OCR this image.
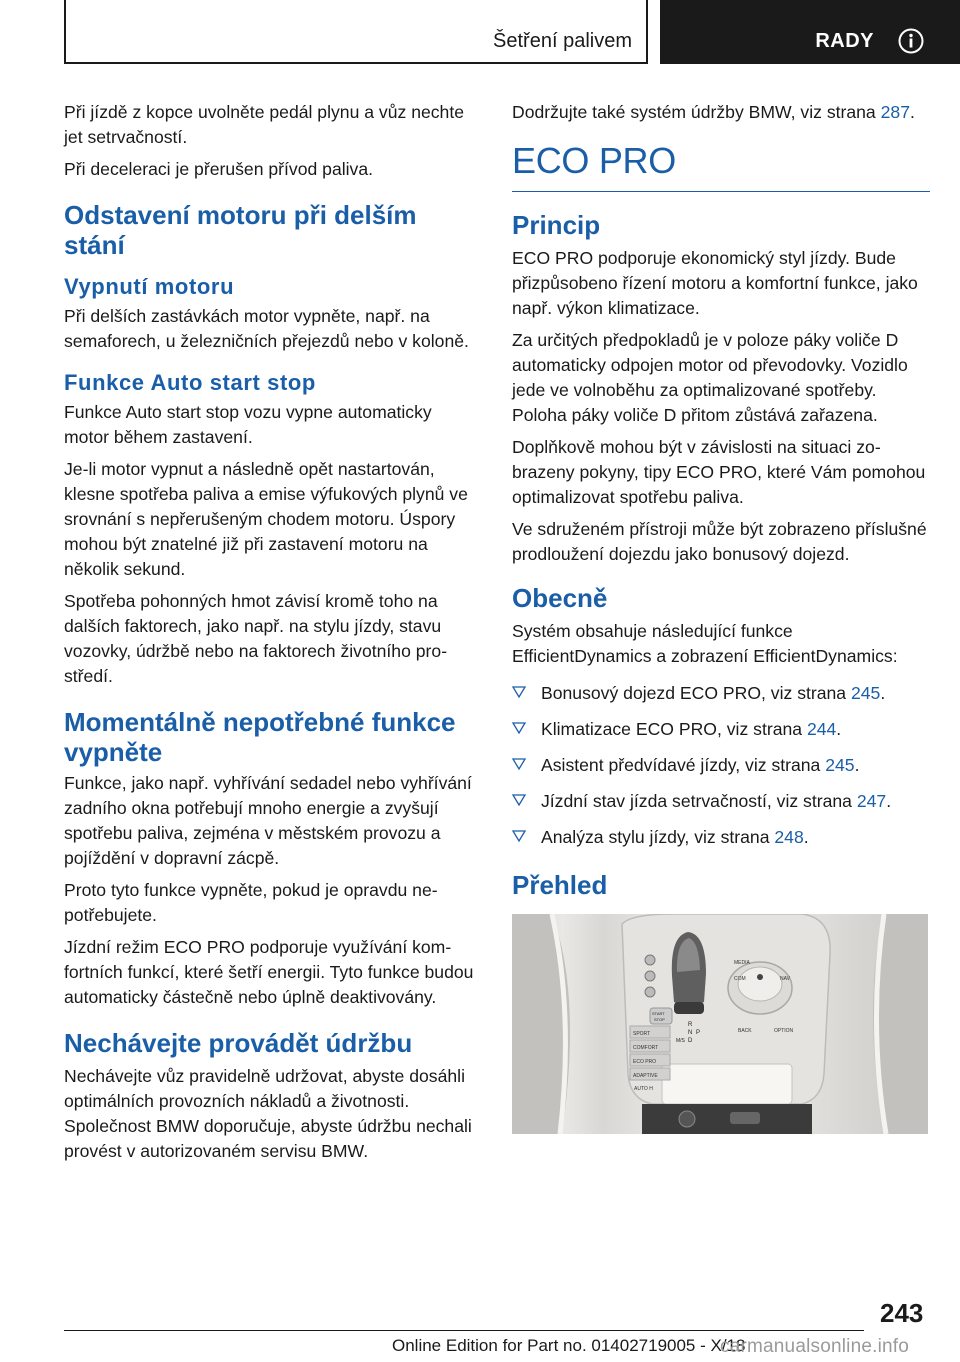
Šetření palivem	RADY

Při jízdě z kopce uvolněte pedál plynu a vůz nechte jet setrvačností.

Při deceleraci je přerušen přívod paliva.

Odstavení motoru při delším stání
Vypnutí motoru

Při delších zastávkách motor vypněte, např. na semaforech, u železničních přejezdů nebo v koloně.

Funkce Auto start stop

Funkce Auto start stop vozu vypne automaticky motor během zastavení.

Je-li motor vypnut a následně opět nastartován, klesne spotřeba paliva a emise výfukových plynů ve srovnání s nepřerušeným chodem motoru. Úspory mohou být znatelné již při zastavení motoru na několik sekund.

Spotřeba pohonných hmot závisí kromě toho na dalších faktorech, jako např. na stylu jízdy, stavu vozovky, údržbě nebo na faktorech životního prostředí.

Momentálně nepotřebné funkce vypněte

Funkce, jako např. vyhřívání sedadel nebo vyhřívání zadního okna potřebují mnoho energie a zvyšují spotřebu paliva, zejména v městském provozu a pojíždění v dopravní zácpě.

Proto tyto funkce vypněte, pokud je opravdu nepotřebujete.

Jízdní režim ECO PRO podporuje využívání komfortních funkcí, které šetří energii. Tyto funkce budou automaticky částečně nebo úplně deaktivovány.

Nechávejte provádět údržbu

Nechávejte vůz pravidelně udržovat, abyste dosáhli optimálních provozních nákladů a životnosti. Společnost BMW doporučuje, abyste údržbu nechali provést v autorizovaném servisu BMW.

Dodržujte také systém údržby BMW, viz strana 287.

ECO PRO
Princip

ECO PRO podporuje ekonomický styl jízdy. Bude přizpůsobeno řízení motoru a komfortní funkce, jako např. výkon klimatizace.

Za určitých předpokladů je v poloze páky voliče D automaticky odpojen motor od převodovky. Vozidlo jede ve volnoběhu za optimalizované spotřeby. Poloha páky voliče D přitom zůstává zařazena.

Doplňkově mohou být v závislosti na situaci zobrazeny pokyny, tipy ECO PRO, které Vám pomohou optimalizovat spotřebu paliva.

Ve sdruženém přístroji může být zobrazeno příslušné prodloužení dojezdu jako bonusový dojezd.

Obecně

Systém obsahuje následující funkce EfficientDynamics a zobrazení EfficientDynamics:

Bonusový dojezd ECO PRO, viz strana 245.
Klimatizace ECO PRO, viz strana 244.
Asistent předvídavé jízdy, viz strana 245.
Jízdní stav jízda setrvačností, viz strana 247.
Analýza stylu jízdy, viz strana 248.
Přehled
MEDIA
COM	NAV
BACK	OPTION
START
STOP
SPORT
COMFORT
ECO PRO
ADAPTIVE
AUTO H
R
N
D
P
M/S
243
Online Edition for Part no. 01402719005 - X/18
carmanualsonline.info
